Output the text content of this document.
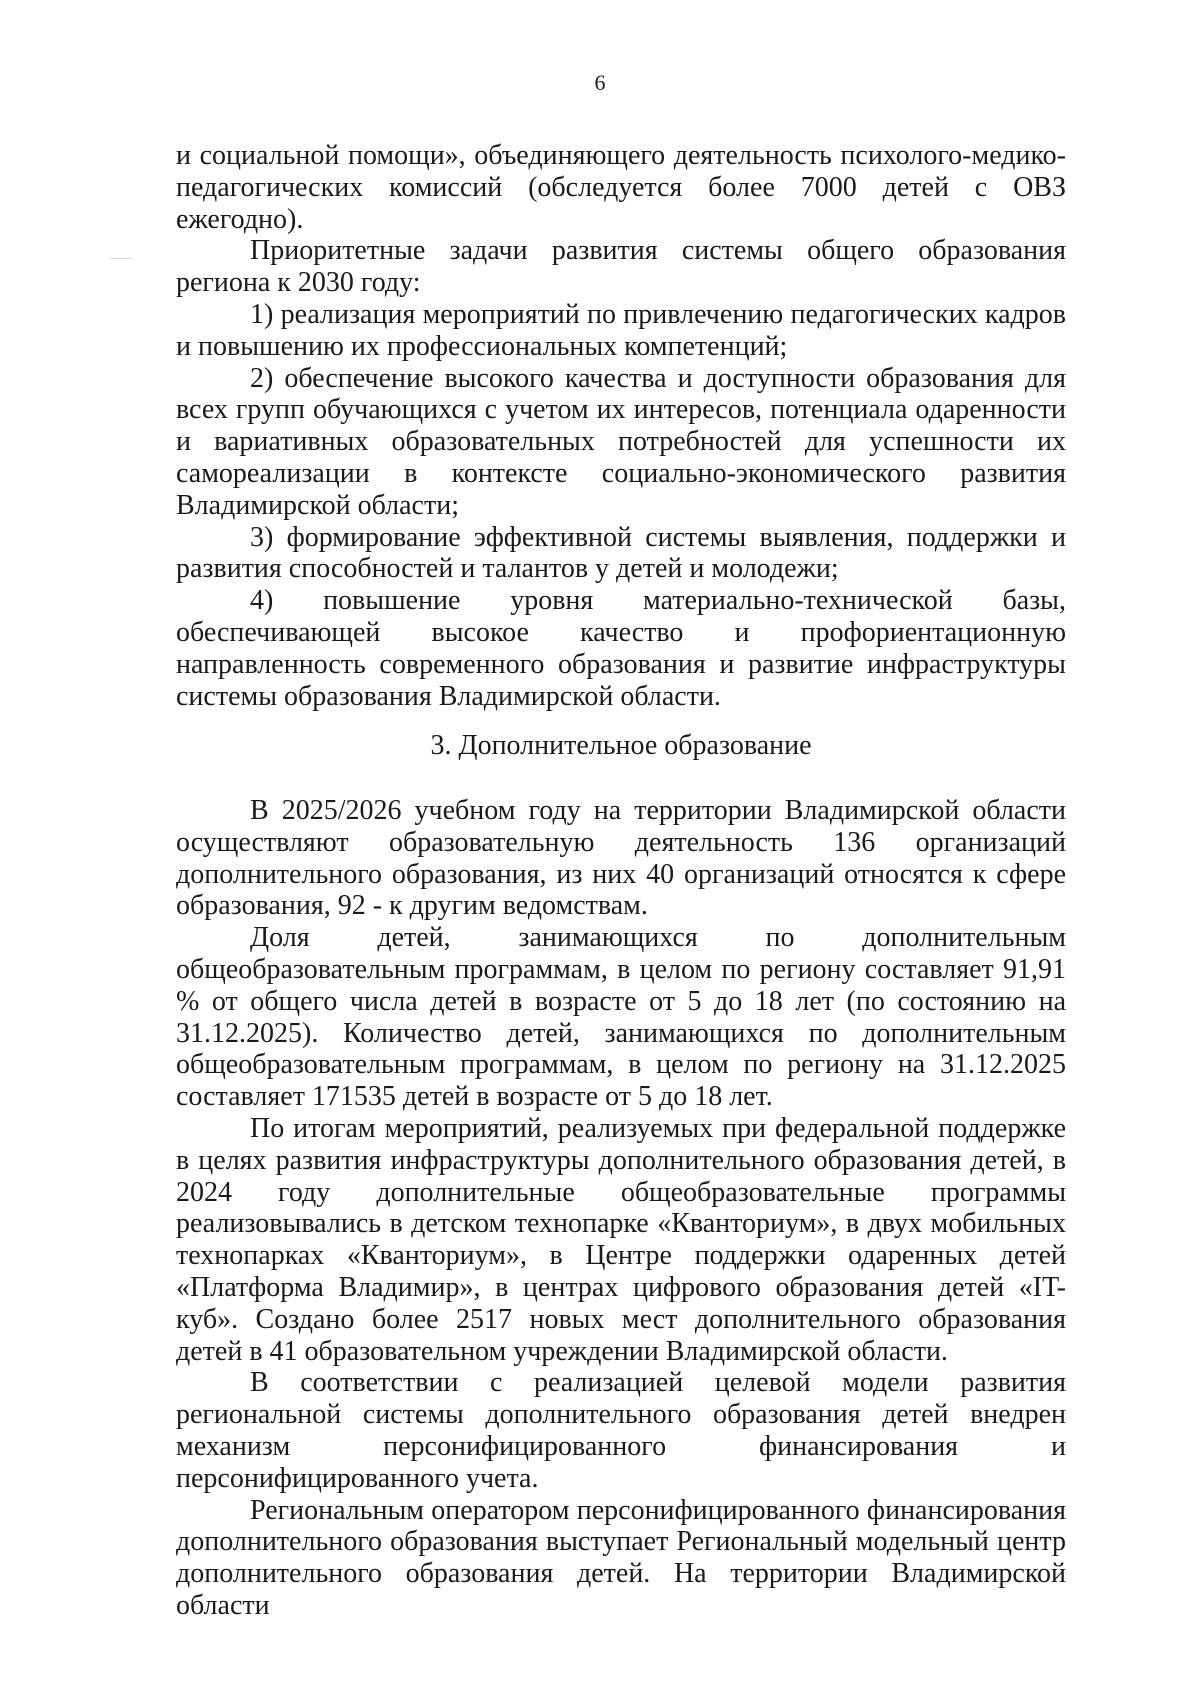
6

и социальной помощи», объединяющего деятельность психолого-медико-педагогических комиссий (обследуется более 7000 детей с ОВЗ ежегодно).

Приоритетные задачи развития системы общего образования региона к 2030 году:

1) реализация мероприятий по привлечению педагогических кадров и повышению их профессиональных компетенций;

2) обеспечение высокого качества и доступности образования для всех групп обучающихся с учетом их интересов, потенциала одаренности и вариативных образовательных потребностей для успешности их самореализации в контексте социально-экономического развития Владимирской области;

3) формирование эффективной системы выявления, поддержки и развития способностей и талантов у детей и молодежи;

4) повышение уровня материально-технической базы, обеспечивающей высокое качество и профориентационную направленность современного образования и развитие инфраструктуры системы образования Владимирской области.

3. Дополнительное образование

В 2025/2026 учебном году на территории Владимирской области осуществляют образовательную деятельность 136 организаций дополнительного образования, из них 40 организаций относятся к сфере образования, 92 - к другим ведомствам.

Доля детей, занимающихся по дополнительным общеобразовательным программам, в целом по региону составляет 91,91 % от общего числа детей в возрасте от 5 до 18 лет (по состоянию на 31.12.2025). Количество детей, занимающихся по дополнительным общеобразовательным программам, в целом по региону на 31.12.2025 составляет 171535 детей в возрасте от 5 до 18 лет.

По итогам мероприятий, реализуемых при федеральной поддержке в целях развития инфраструктуры дополнительного образования детей, в 2024 году дополнительные общеобразовательные программы реализовывались в детском технопарке «Кванториум», в двух мобильных технопарках «Кванториум», в Центре поддержки одаренных детей «Платформа Владимир», в центрах цифрового образования детей «IT-куб». Создано более 2517 новых мест дополнительного образования детей в 41 образовательном учреждении Владимирской области.

В соответствии с реализацией целевой модели развития региональной системы дополнительного образования детей внедрен механизм персонифицированного финансирования и персонифицированного учета.

Региональным оператором персонифицированного финансирования дополнительного образования выступает Региональный модельный центр дополнительного образования детей. На территории Владимирской области
